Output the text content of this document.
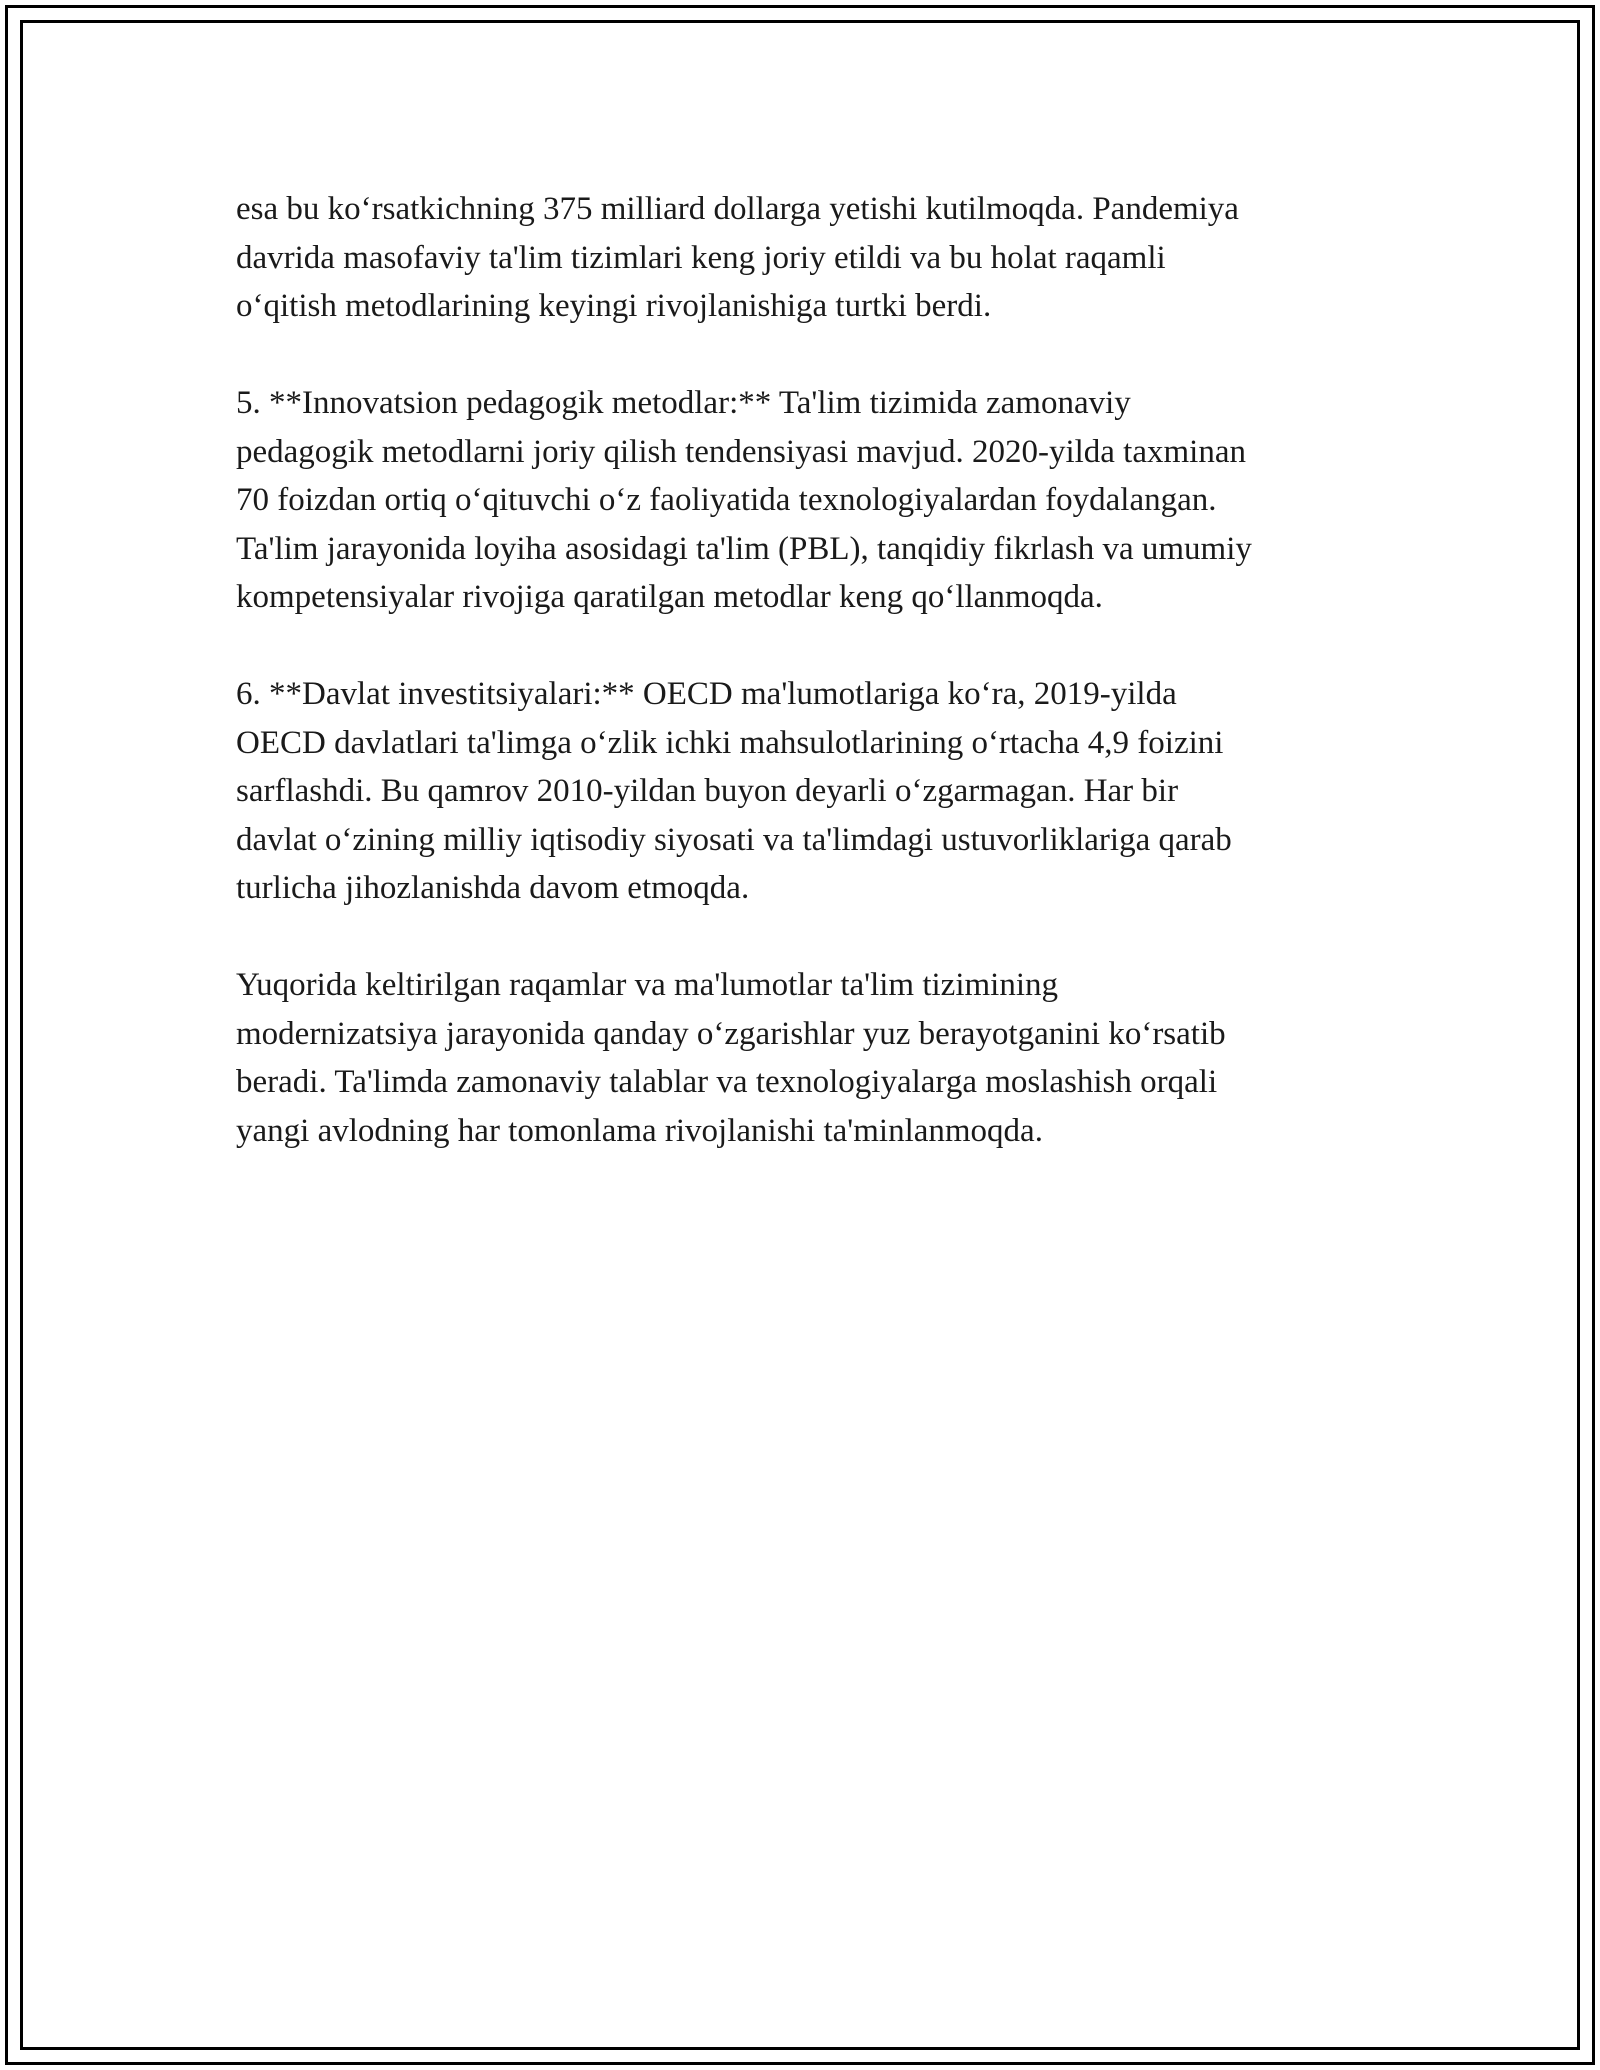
esa bu koʻrsatkichning 375 milliard dollarga yetishi kutilmoqda. Pandemiya
davrida masofaviy ta'lim tizimlari keng joriy etildi va bu holat raqamli
oʻqitish metodlarining keyingi rivojlanishiga turtki berdi.

5. **Innovatsion pedagogik metodlar:** Ta'lim tizimida zamonaviy
pedagogik metodlarni joriy qilish tendensiyasi mavjud. 2020-yilda taxminan
70 foizdan ortiq oʻqituvchi oʻz faoliyatida texnologiyalardan foydalangan.
Ta'lim jarayonida loyiha asosidagi ta'lim (PBL), tanqidiy fikrlash va umumiy
kompetensiyalar rivojiga qaratilgan metodlar keng qoʻllanmoqda.

6. **Davlat investitsiyalari:** OECD ma'lumotlariga koʻra, 2019-yilda
OECD davlatlari ta'limga oʻzlik ichki mahsulotlarining oʻrtacha 4,9 foizini
sarflashdi. Bu qamrov 2010-yildan buyon deyarli oʻzgarmagan. Har bir
davlat oʻzining milliy iqtisodiy siyosati va ta'limdagi ustuvorliklariga qarab
turlicha jihozlanishda davom etmoqda.

Yuqorida keltirilgan raqamlar va ma'lumotlar ta'lim tizimining
modernizatsiya jarayonida qanday oʻzgarishlar yuz berayotganini koʻrsatib
beradi. Ta'limda zamonaviy talablar va texnologiyalarga moslashish orqali
yangi avlodning har tomonlama rivojlanishi ta'minlanmoqda.
